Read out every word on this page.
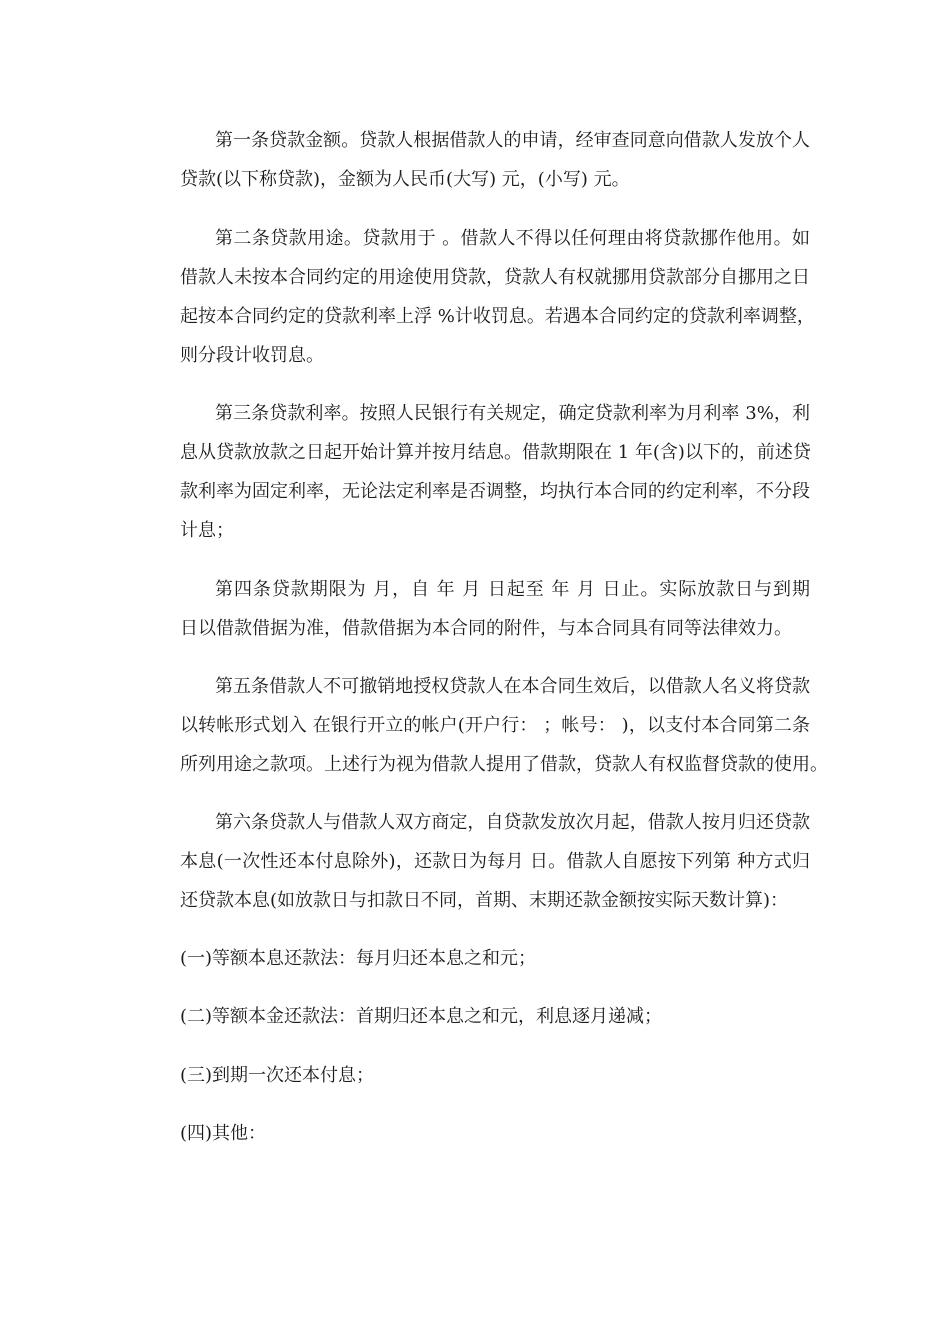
第一条贷款金额。贷款人根据借款人的申请，经审查同意向借款人发放个人
贷款(以下称贷款)，金额为人民币(大写) 元，(小写) 元。
第二条贷款用途。贷款用于 。借款人不得以任何理由将贷款挪作他用。如
借款人未按本合同约定的用途使用贷款，贷款人有权就挪用贷款部分自挪用之日
起按本合同约定的贷款利率上浮 %计收罚息。若遇本合同约定的贷款利率调整，
则分段计收罚息。
第三条贷款利率。按照人民银行有关规定，确定贷款利率为月利率 3%，利
息从贷款放款之日起开始计算并按月结息。借款期限在 1 年(含)以下的，前述贷
款利率为固定利率，无论法定利率是否调整，均执行本合同的约定利率，不分段
计息；
第四条贷款期限为 月，自 年 月 日起至 年 月 日止。实际放款日与到期
日以借款借据为准，借款借据为本合同的附件，与本合同具有同等法律效力。
第五条借款人不可撤销地授权贷款人在本合同生效后，以借款人名义将贷款
以转帐形式划入 在银行开立的帐户(开户行： ；帐号： )，以支付本合同第二条
所列用途之款项。上述行为视为借款人提用了借款，贷款人有权监督贷款的使用。
第六条贷款人与借款人双方商定，自贷款发放次月起，借款人按月归还贷款
本息(一次性还本付息除外)，还款日为每月 日。借款人自愿按下列第 种方式归
还贷款本息(如放款日与扣款日不同，首期、末期还款金额按实际天数计算)：

(一)等额本息还款法：每月归还本息之和元；

(二)等额本金还款法：首期归还本息之和元，利息逐月递减；

(三)到期一次还本付息；

(四)其他：
